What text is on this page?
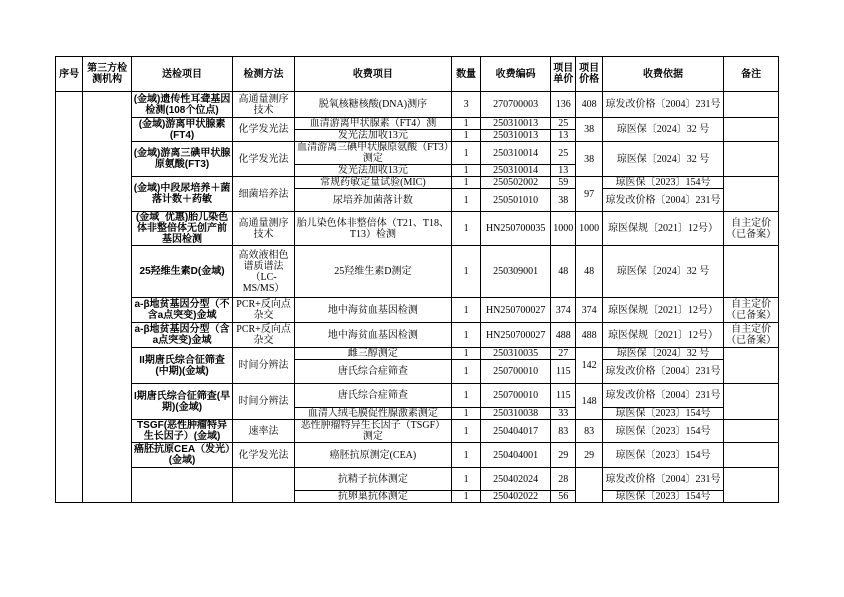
序号	第三方检测机构	送检项目	检测方法	收费项目	数量	收费编码	项目单价	项目价格	收费依据	备注
		(金域)遗传性耳聋基因检测(108个位点)	高通量测序技术	脱氧核糖核酸(DNA)测序	3	270700003	136	408	琼发改价格〔2004〕231号	
		(金域)游离甲状腺素(FT4)	化学发光法	血清游离甲状腺素（FT4）测	1	250310013	25	38	琼医保〔2024〕32 号	
				发光法加收13元	1	250310013	13			
		(金域)游离三碘甲状腺原氨酸(FT3)	化学发光法	血清游离三碘甲状腺原氨酸（FT3）测定	1	250310014	25	38	琼医保〔2024〕32 号	
				发光法加收13元	1	250310014	13			
		(金域)中段尿培养＋菌落计数＋药敏	细菌培养法	常规药敏定量试验(MIC)	1	250502002	59	97	琼医保〔2023〕154号	
				尿培养加菌落计数	1	250501010	38		琼发改价格〔2004〕231号	
		(金域_优惠)胎儿染色体非整倍体无创产前基因检测	高通量测序技术	胎儿染色体非整倍体（T21、T18、T13）检测	1	HN250700035	1000	1000	琼医保规〔2021〕12号）	自主定价（已备案）
		25羟维生素D(金域)	高效液相色谱质谱法（LC-MS/MS）	25羟维生素D测定	1	250309001	48	48	琼医保〔2024〕32 号	
		a-β地贫基因分型（不含a点突变)金域	PCR+反向点杂交	地中海贫血基因检测	1	HN250700027	374	374	琼医保规〔2021〕12号）	自主定价（已备案）
		a-β地贫基因分型（含a点突变)金域	PCR+反向点杂交	地中海贫血基因检测	1	HN250700027	488	488	琼医保规〔2021〕12号）	自主定价（已备案）
		II期唐氏综合征筛查(中期)(金域)	时间分辨法	雌三醇测定	1	250310035	27	142	琼医保〔2024〕32 号	
				唐氏综合症筛查	1	250700010	115		琼发改价格〔2004〕231号	
		I期唐氏综合征筛查(早期)(金域)	时间分辨法	唐氏综合症筛查	1	250700010	115	148	琼发改价格〔2004〕231号	
				血清人绒毛膜促性腺激素测定	1	250310038	33		琼医保〔2023〕154号	
		TSGF(恶性肿瘤特异生长因子）(金域)	速率法	恶性肿瘤特异生长因子（TSGF）测定	1	250404017	83	83	琼医保〔2023〕154号	
		癌胚抗原CEA（发光）(金域)	化学发光法	癌胚抗原测定(CEA)	1	250404001	29	29	琼医保〔2023〕154号	
				抗精子抗体测定	1	250402024	28		琼发改价格〔2004〕231号	
				抗卵巢抗体测定	1	250402022	56		琼医保〔2023〕154号	
